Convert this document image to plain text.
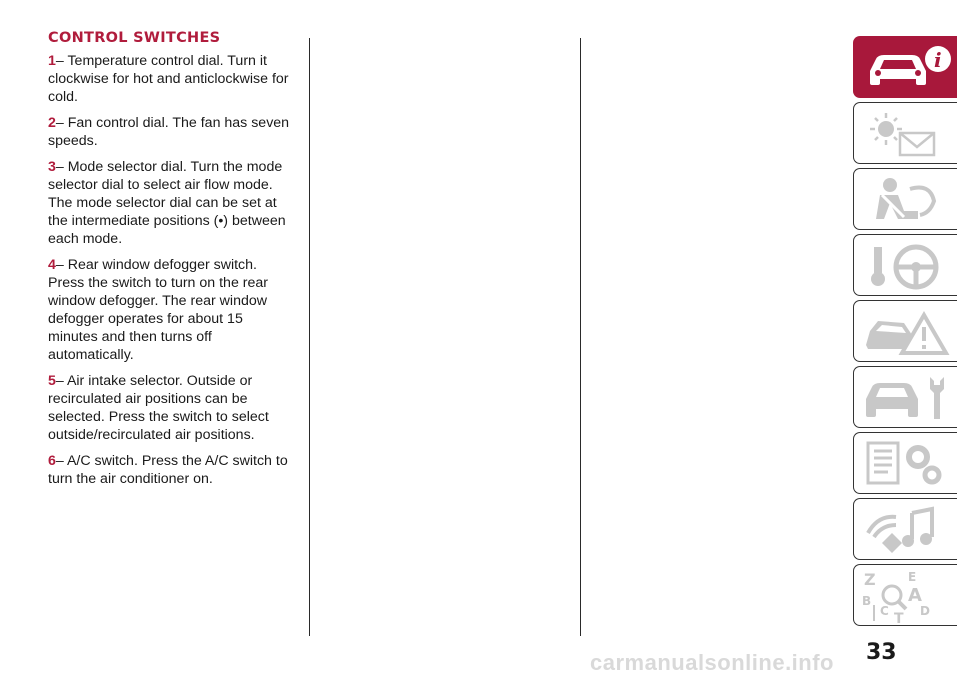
CONTROL SWITCHES

1– Temperature control dial. Turn it clockwise for hot and anticlockwise for cold.

2– Fan control dial. The fan has seven speeds.

3– Mode selector dial. Turn the mode selector dial to select air flow mode. The mode selector dial can be set at the intermediate positions (•) between each mode.

4– Rear window defogger switch. Press the switch to turn on the rear window defogger. The rear window defogger operates for about 15 minutes and then turns off automatically.

5– Air intake selector. Outside or recirculated air positions can be selected. Press the switch to select outside/recirculated air positions.

6– A/C switch. Press the A/C switch to turn the air conditioner on.

i
Z	E
A
B
C T D
33
carmanualsonline.info
